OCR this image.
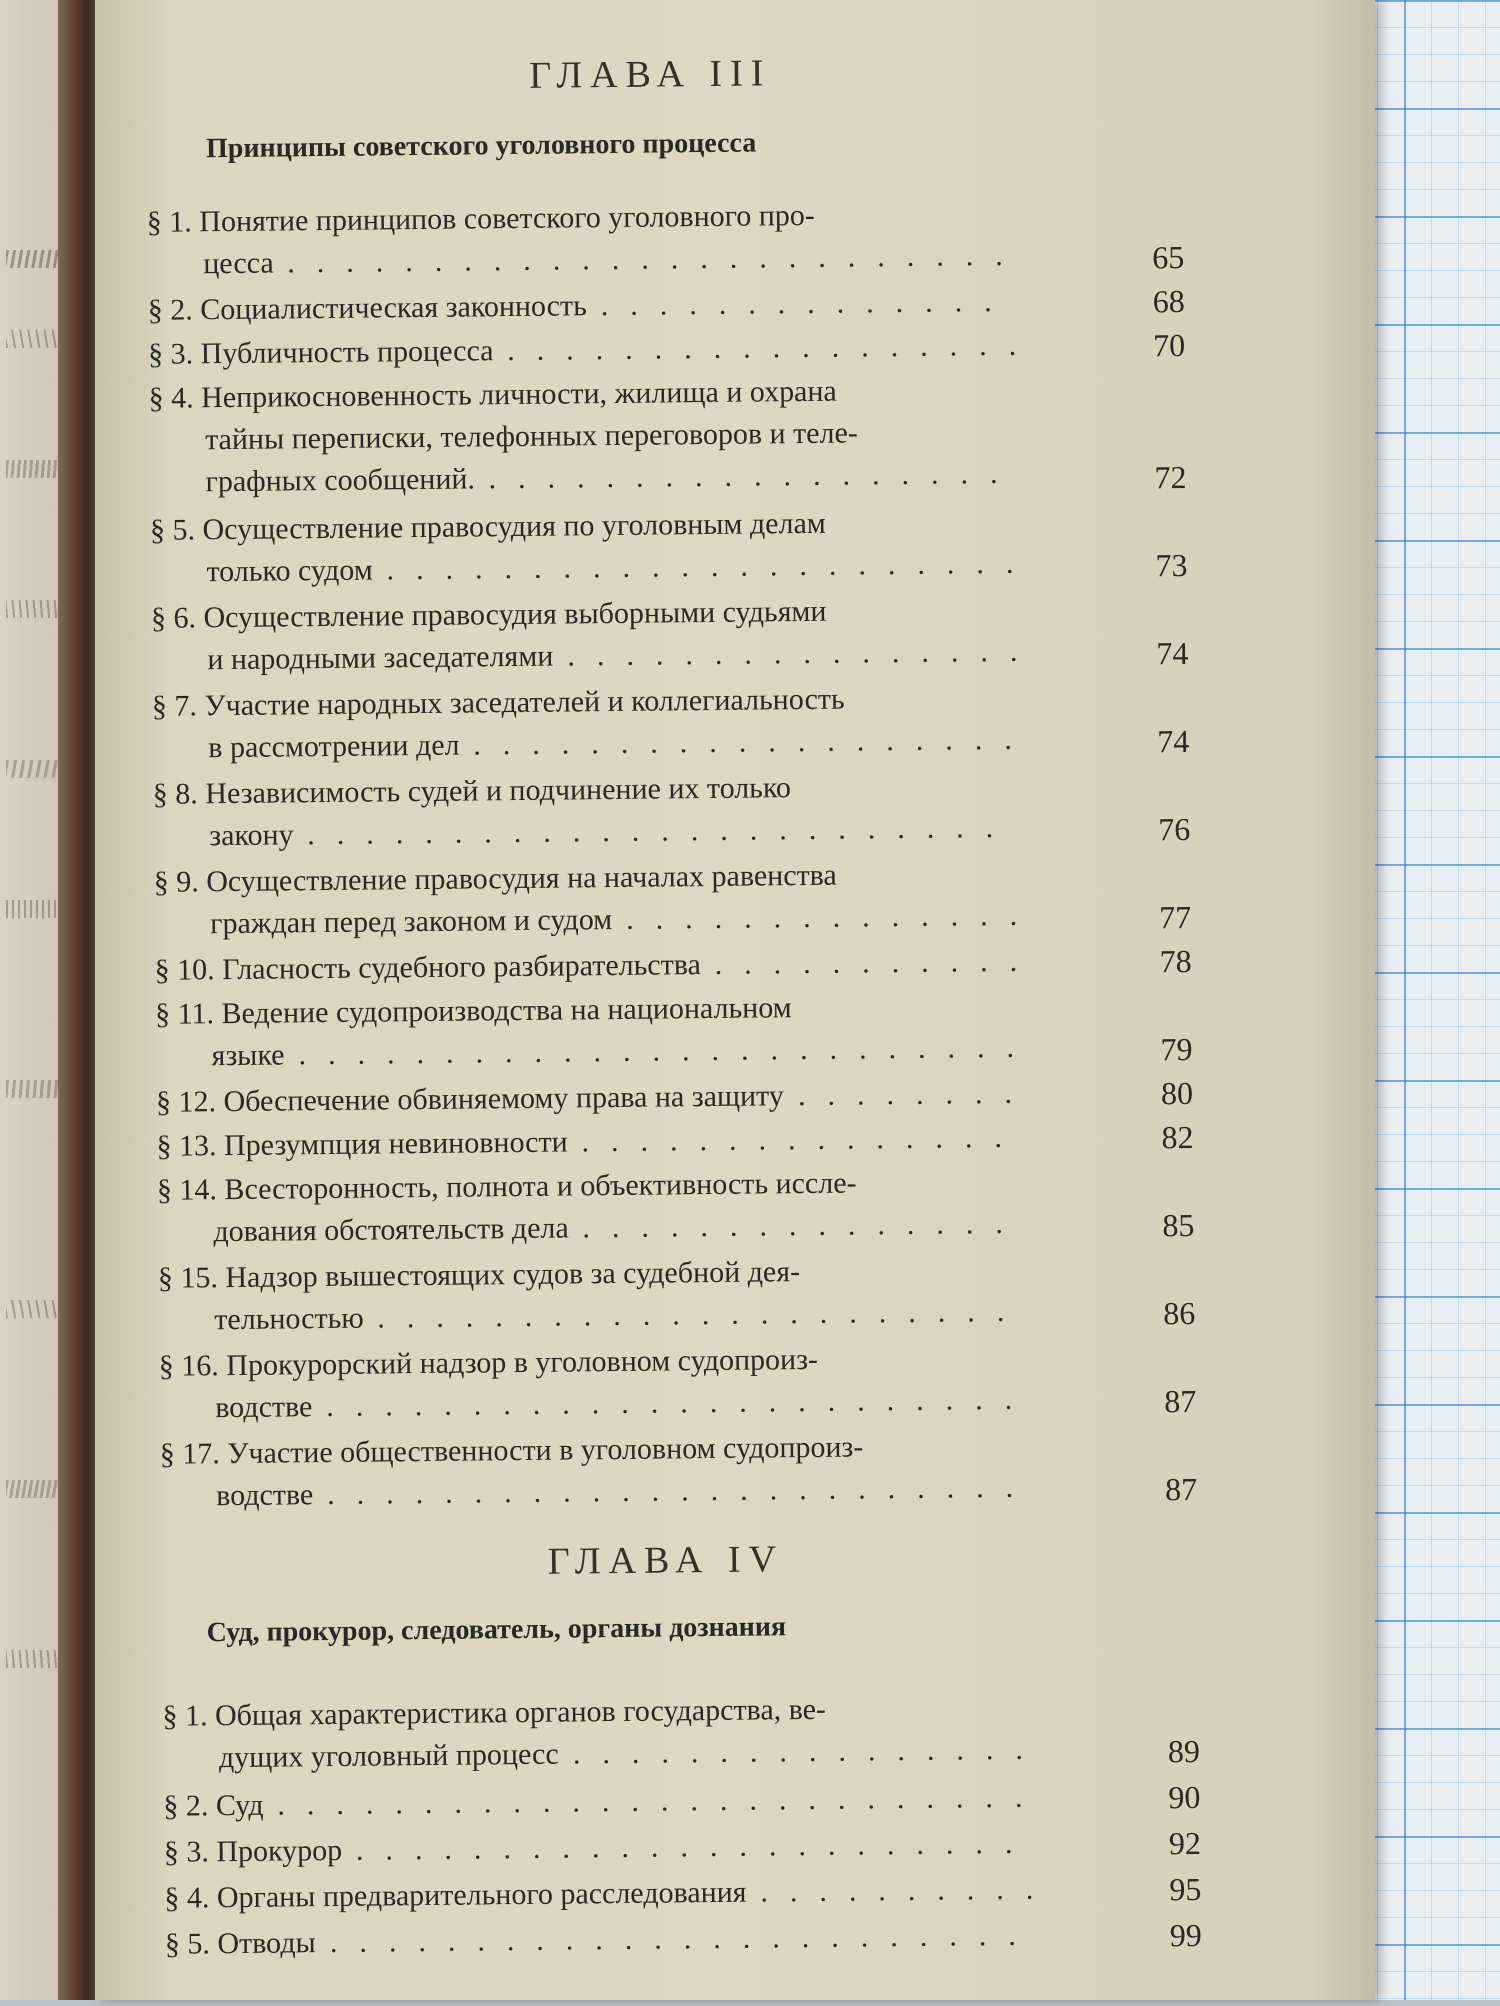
ГЛАВА III
Принципы советского уголовного процесса
§ 1. Понятие принципов советского уголовного про-
цесса .........................	65
§ 2. Социалистическая законность ..............	68
§ 3. Публичность процесса ..................	70
§ 4. Неприкосновенность личности, жилища и охрана
тайны переписки, телефонных переговоров и теле-
графных сообщений. ..................	72
§ 5. Осуществление правосудия по уголовным делам
только судом ......................	73
§ 6. Осуществление правосудия выборными судьями
и народными заседателями ................	74
§ 7. Участие народных заседателей и коллегиальность
в рассмотрении дел ...................	74
§ 8. Независимость судей и подчинение их только
закону ........................	76
§ 9. Осуществление правосудия на началах равенства
граждан перед законом и судом ..............	77
§ 10. Гласность судебного разбирательства ...........	78
§ 11. Ведение судопроизводства на национальном
языке .........................	79
§ 12. Обеспечение обвиняемому права на защиту ........	80
§ 13. Презумпция невиновности ...............	82
§ 14. Всесторонность, полнота и объективность иссле-
дования обстоятельств дела ...............	85
§ 15. Надзор вышестоящих судов за судебной дея-
тельностью ......................	86
§ 16. Прокурорский надзор в уголовном судопроиз-
водстве ........................	87
§ 17. Участие общественности в уголовном судопроиз-
водстве ........................	87
ГЛАВА IV
Суд, прокурор, следователь, органы дознания
§ 1. Общая характеристика органов государства, ве-
дущих уголовный процесс ................	89
§ 2. Суд ..........................	90
§ 3. Прокурор .......................	92
§ 4. Органы предварительного расследования ..........	95
§ 5. Отводы ........................	99
